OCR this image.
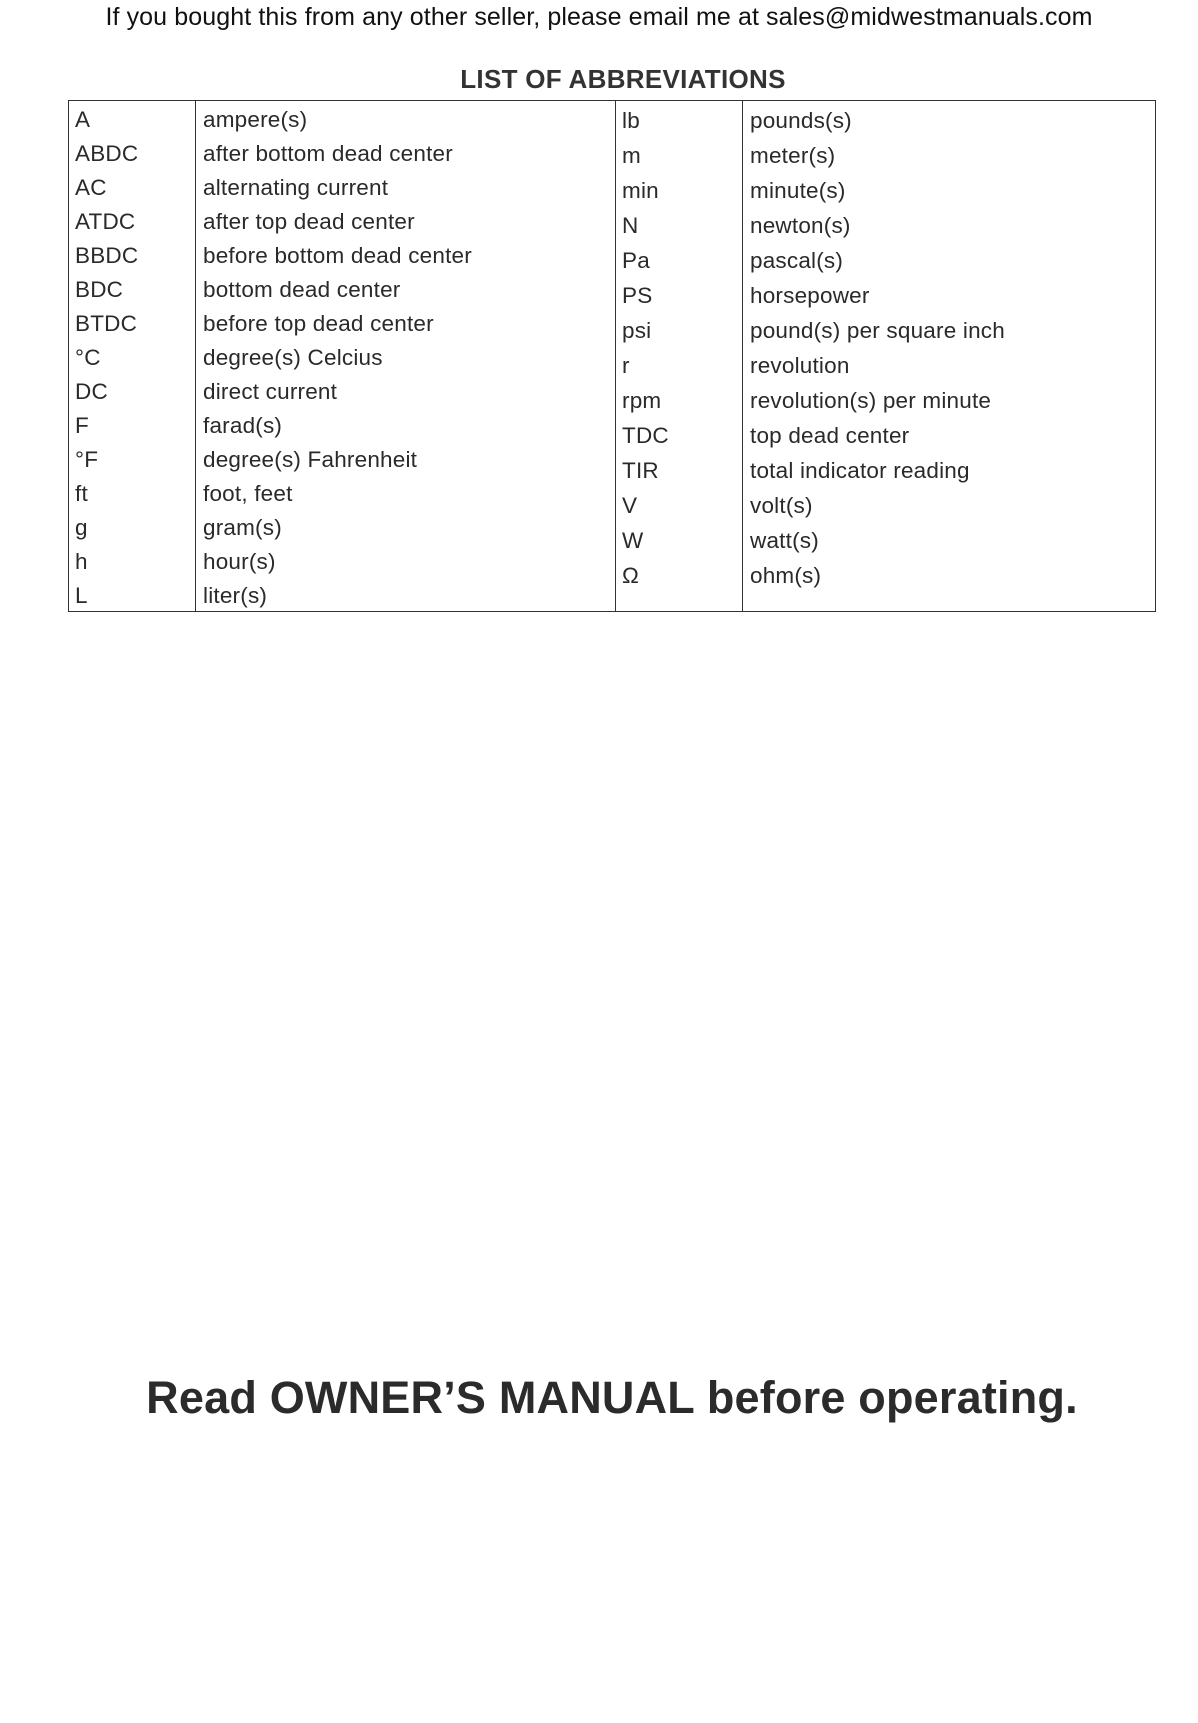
If you bought this from any other seller, please email me at sales@midwestmanuals.com
LIST OF ABBREVIATIONS
A
ABDC
AC
ATDC
BBDC
BDC
BTDC
°C
DC
F
°F
ft
g
h
L
ampere(s)
after bottom dead center
alternating current
after top dead center
before bottom dead center
bottom dead center
before top dead center
degree(s) Celcius
direct current
farad(s)
degree(s) Fahrenheit
foot, feet
gram(s)
hour(s)
liter(s)
lb
m
min
N
Pa
PS
psi
r
rpm
TDC
TIR
V
W
Ω
pounds(s)
meter(s)
minute(s)
newton(s)
pascal(s)
horsepower
pound(s) per square inch
revolution
revolution(s) per minute
top dead center
total indicator reading
volt(s)
watt(s)
ohm(s)
Read OWNER’S MANUAL before operating.
